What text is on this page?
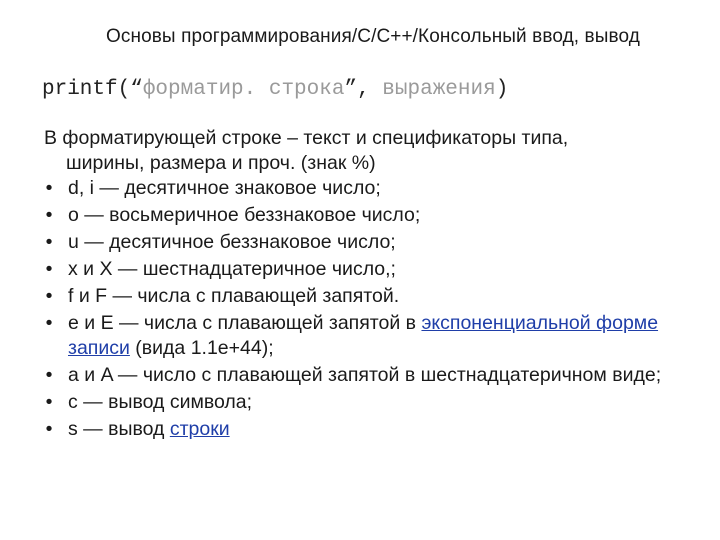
Основы программирования/C/C++/Консольный ввод, вывод
printf(“форматир. строка”, выражения)
В форматирующей строке – текст и спецификаторы типа,
ширины, размера и проч. (знак %)
• d, i — десятичное знаковое число;
• o — восьмеричное беззнаковое число;
• u — десятичное беззнаковое число;
• x и X — шестнадцатеричное число,;
• f и F — числа с плавающей запятой.
• e и E — числа с плавающей запятой в экспоненциальной форме записи (вида 1.1e+44);
• a и A — число с плавающей запятой в шестнадцатеричном виде;
• c — вывод символа;
• s — вывод строки
